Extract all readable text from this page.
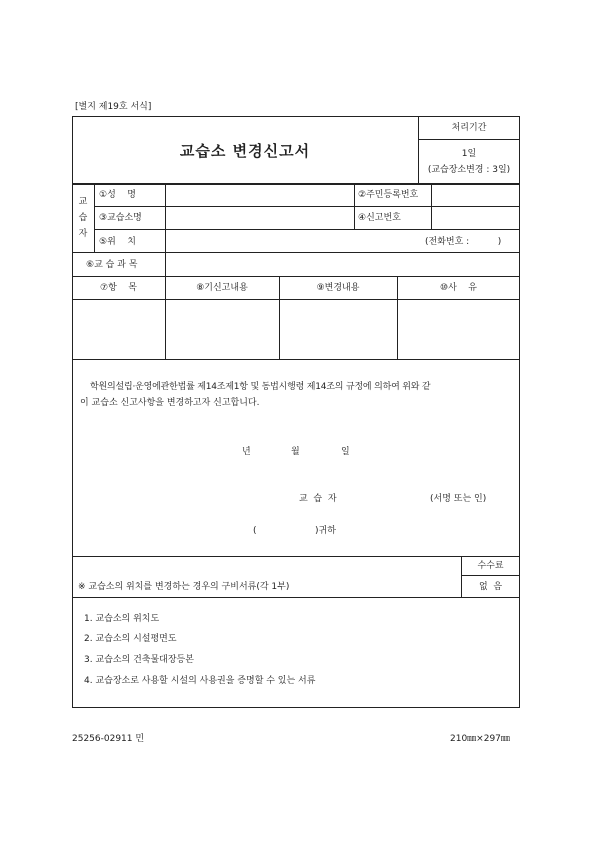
[별지 제19호 서식]
교습소 변경신고서
처리기간
1일
(교습장소변경 : 3일)
교
습
자
①성    명	②주민등록번호
③교습소명	④신고번호
⑤위    치	(전화번호 :          )
⑥교 습 과 목
⑦항    목	⑧기신고내용	⑨변경내용	⑩사    유
학원의설립·운영에관한법률 제14조제1항 및 동법시행령 제14조의 규정에 의하여 위와 같
이 교습소 신고사항을 변경하고자 신고합니다.
년	월	일
교  습  자	(서명 또는 인)
(	)귀하
※ 교습소의 위치를 변경하는 경우의 구비서류(각 1부)
수수료
없  음
1. 교습소의 위치도
2. 교습소의 시설평면도
3. 교습소의 건축물대장등본
4. 교습장소로 사용할 시설의 사용권을 증명할 수 있는 서류
25256-02911 민	210㎜×297㎜
